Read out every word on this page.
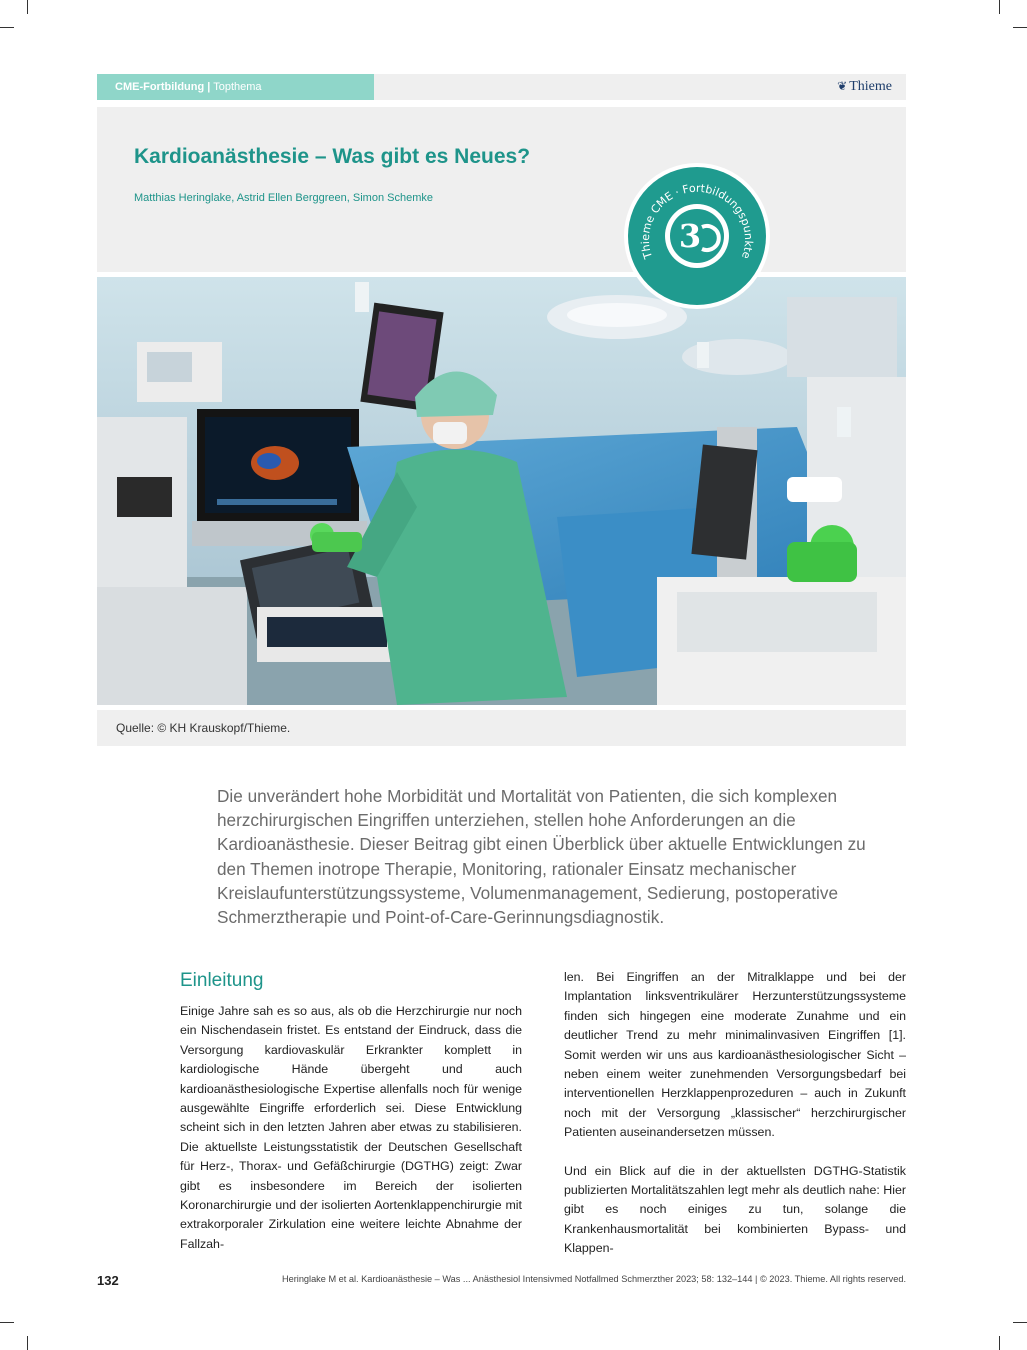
CME-Fortbildung | Topthema	❦ Thieme
Kardioanästhesie – Was gibt es Neues?
Matthias Heringlake, Astrid Ellen Berggreen, Simon Schemke
Thieme CME · Fortbildungspunkte
3
Quelle: © KH Krauskopf/Thieme.

Die unverändert hohe Morbidität und Mortalität von Patienten, die sich komplexen herzchirurgischen Eingriffen unterziehen, stellen hohe Anforderungen an die Kardioanästhesie. Dieser Beitrag gibt einen Überblick über aktuelle Entwicklungen zu den Themen inotrope Therapie, Monitoring, rationaler Einsatz mechanischer Kreislaufunterstützungssysteme, Volumenmanagement, Sedierung, postoperative Schmerztherapie und Point-of-Care-Gerinnungsdiagnostik.

Einleitung

Einige Jahre sah es so aus, als ob die Herzchirurgie nur noch ein Nischendasein fristet. Es entstand der Eindruck, dass die Versorgung kardiovaskulär Erkrankter komplett in kardiologische Hände übergeht und auch kardioanästhesiologische Expertise allenfalls noch für wenige ausgewählte Eingriffe erforderlich sei. Diese Entwicklung scheint sich in den letzten Jahren aber etwas zu stabilisieren. Die aktuellste Leistungsstatistik der Deutschen Gesellschaft für Herz-, Thorax- und Gefäßchirurgie (DGTHG) zeigt: Zwar gibt es insbesondere im Bereich der isolierten Koronarchirurgie und der isolierten Aortenklappenchirurgie mit extrakorporaler Zirkulation eine weitere leichte Abnahme der Fallzah-

len. Bei Eingriffen an der Mitralklappe und bei der Implantation linksventrikulärer Herzunterstützungssysteme finden sich hingegen eine moderate Zunahme und ein deutlicher Trend zu mehr minimalinvasiven Eingriffen [1]. Somit werden wir uns aus kardioanästhesiologischer Sicht – neben einem weiter zunehmenden Versorgungsbedarf bei interventionellen Herzklappenprozeduren – auch in Zukunft noch mit der Versorgung „klassischer“ herzchirurgischer Patienten auseinandersetzen müssen.

Und ein Blick auf die in der aktuellsten DGTHG-Statistik publizierten Mortalitätszahlen legt mehr als deutlich nahe: Hier gibt es noch einiges zu tun, solange die Krankenhausmortalität bei kombinierten Bypass- und Klappen-

132	Heringlake M et al. Kardioanästhesie – Was ... Anästhesiol Intensivmed Notfallmed Schmerzther 2023; 58: 132–144 | © 2023. Thieme. All rights reserved.
